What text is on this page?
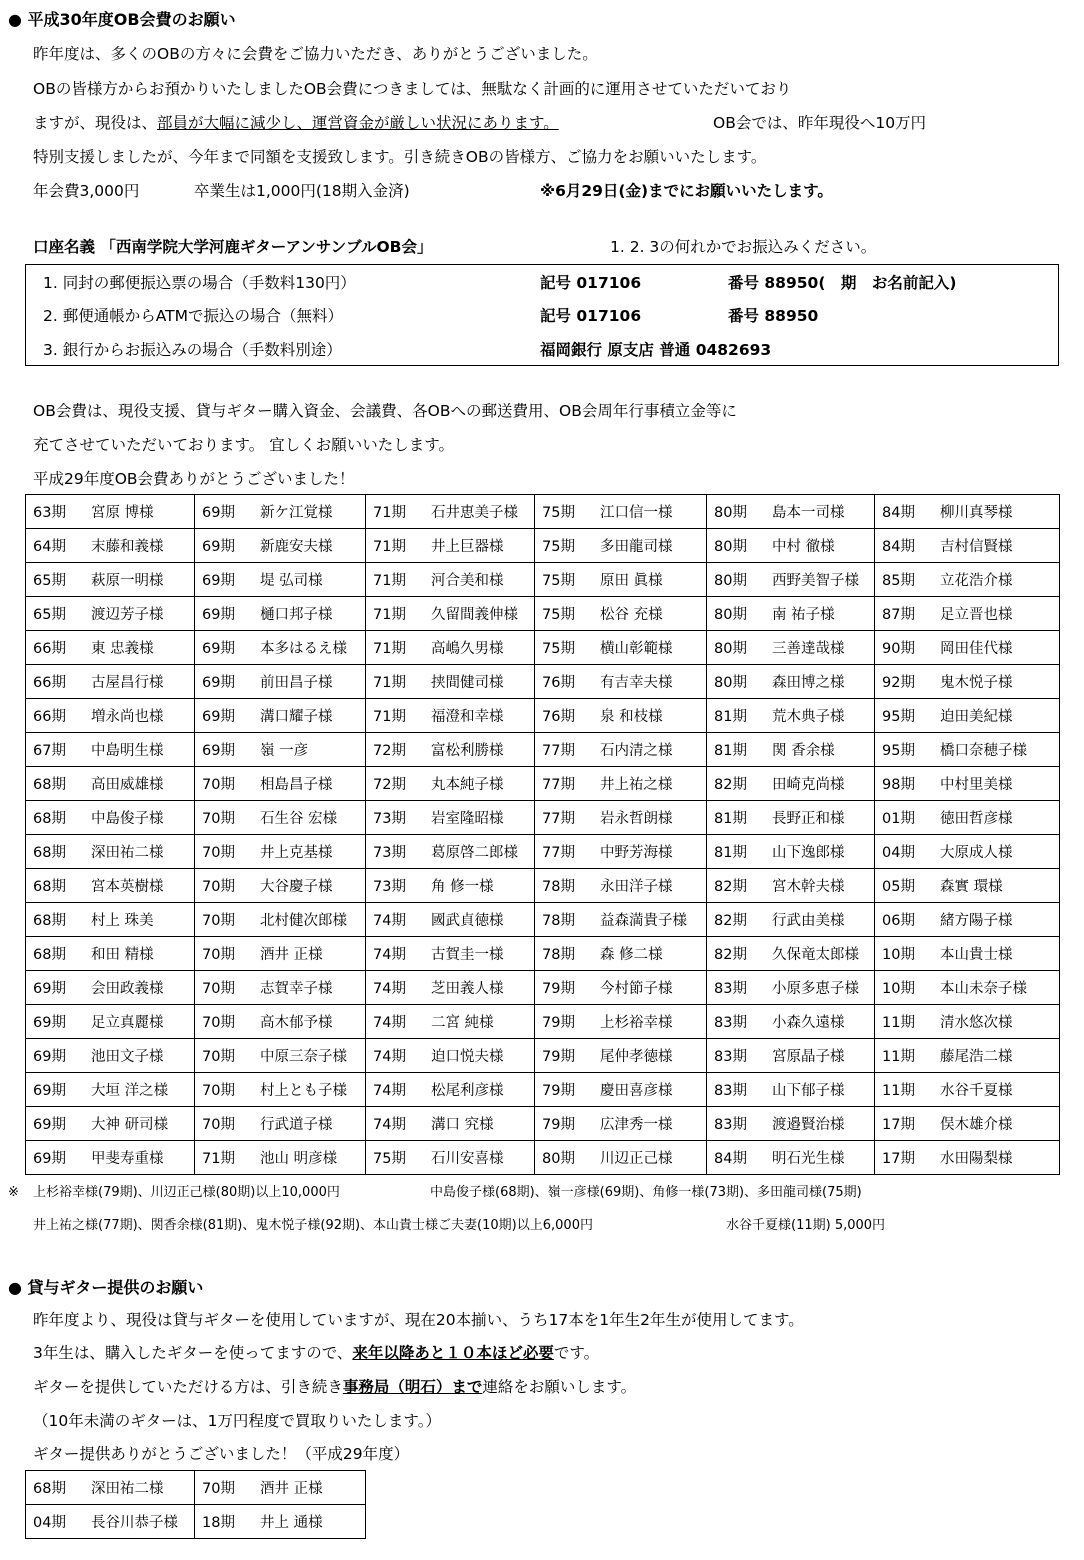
● 平成30年度OB会費のお願い
昨年度は、多くのOBの方々に会費をご協力いただき、ありがとうございました。
OBの皆様方からお預かりいたしましたOB会費につきましては、無駄なく計画的に運用させていただいており
ますが、現役は、部員が大幅に減少し、運営資金が厳しい状況にあります。	OB会では、昨年現役へ10万円
特別支援しましたが、今年まで同額を支援致します。引き続きOBの皆様方、ご協力をお願いいたします。
年会費3,000円	卒業生は1,000円(18期入金済)	※6月29日(金)までにお願いいたします。
口座名義 「西南学院大学河鹿ギターアンサンブルOB会」	1. 2. 3の何れかでお振込みください。
1. 同封の郵便振込票の場合（手数料130円）	記号 017106	番号 88950(　期　お名前記入)
2. 郵便通帳からATMで振込の場合（無料）	記号 017106	番号 88950
3. 銀行からお振込みの場合（手数料別途）	福岡銀行 原支店 普通 0482693
OB会費は、現役支援、貸与ギター購入資金、会議費、各OBへの郵送費用、OB会周年行事積立金等に
充てさせていただいております。 宜しくお願いいたします。
平成29年度OB会費ありがとうございました！
63期 宮原 博様	69期 新ケ江覚様	71期 石井恵美子様	75期 江口信一様	80期 島本一司様	84期 柳川真琴様
64期 末藤和義様	69期 新鹿安夫様	71期 井上巨器様	75期 多田龍司様	80期 中村 徹様	84期 吉村信賢様
65期 萩原一明様	69期 堤 弘司様	71期 河合美和様	75期 原田 眞様	80期 西野美智子様	85期 立花浩介様
65期 渡辺芳子様	69期 樋口邦子様	71期 久留間義伸様	75期 松谷 充様	80期 南 祐子様	87期 足立晋也様
66期 東 忠義様	69期 本多はるえ様	71期 高嶋久男様	75期 横山彰範様	80期 三善達哉様	90期 岡田佳代様
66期 古屋昌行様	69期 前田昌子様	71期 挟間健司様	76期 有吉幸夫様	80期 森田博之様	92期 鬼木悦子様
66期 増永尚也様	69期 溝口耀子様	71期 福澄和幸様	76期 泉 和枝様	81期 荒木典子様	95期 迫田美紀様
67期 中島明生様	69期 嶺 一彦	72期 富松利勝様	77期 石内清之様	81期 関 香余様	95期 橋口奈穂子様
68期 高田威雄様	70期 相島昌子様	72期 丸本純子様	77期 井上祐之様	82期 田崎克尚様	98期 中村里美様
68期 中島俊子様	70期 石生谷 宏様	73期 岩室隆昭様	77期 岩永哲朗様	81期 長野正和様	01期 徳田哲彦様
68期 深田祐二様	70期 井上克基様	73期 葛原啓二郎様	77期 中野芳海様	81期 山下逸郎様	04期 大原成人様
68期 宮本英樹様	70期 大谷慶子様	73期 角 修一様	78期 永田洋子様	82期 宮木幹夫様	05期 森實 環様
68期 村上 珠美	70期 北村健次郎様	74期 國武貞徳様	78期 益森満貴子様	82期 行武由美様	06期 緒方陽子様
68期 和田 精様	70期 酒井 正様	74期 古賀圭一様	78期 森 修二様	82期 久保竜太郎様	10期 本山貴士様
69期 会田政義様	70期 志賀幸子様	74期 芝田義人様	79期 今村節子様	83期 小原多恵子様	10期 本山未奈子様
69期 足立真麗様	70期 高木郁予様	74期 二宮 純様	79期 上杉裕幸様	83期 小森久遠様	11期 清水悠次様
69期 池田文子様	70期 中原三奈子様	74期 迫口悦夫様	79期 尾仲孝徳様	83期 宮原晶子様	11期 藤尾浩二様
69期 大垣 洋之様	70期 村上とも子様	74期 松尾利彦様	79期 慶田喜彦様	83期 山下郁子様	11期 水谷千夏様
69期 大神 研司様	70期 行武道子様	74期 溝口 究様	79期 広津秀一様	83期 渡邉賢治様	17期 俣木雄介様
69期 甲斐寿重様	71期 池山 明彦様	75期 石川安喜様	80期 川辺正己様	84期 明石光生様	17期 水田陽梨様
※ 上杉裕幸様(79期)、川辺正己様(80期)以上10,000円	中島俊子様(68期)、嶺一彦様(69期)、角修一様(73期)、多田龍司様(75期)
井上祐之様(77期)、関香余様(81期)、鬼木悦子様(92期)、本山貴士様ご夫妻(10期)以上6,000円	水谷千夏様(11期) 5,000円
● 貸与ギター提供のお願い
昨年度より、現役は貸与ギターを使用していますが、現在20本揃い、うち17本を1年生2年生が使用してます。
3年生は、購入したギターを使ってますので、来年以降あと１０本ほど必要です。
ギターを提供していただける方は、引き続き事務局（明石）まで連絡をお願いします。
（10年未満のギターは、1万円程度で買取りいたします。）
ギター提供ありがとうございました！（平成29年度）
68期 深田祐二様	70期 酒井 正様
04期 長谷川恭子様	18期 井上 通様
